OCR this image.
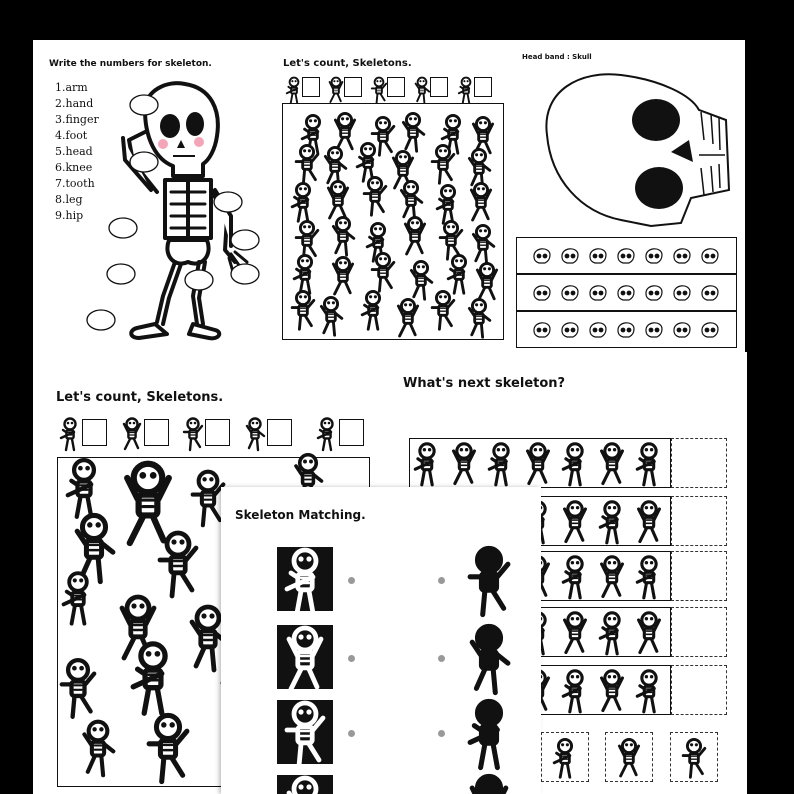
Write the numbers for skeleton.
1.arm
2.hand
3.finger
4.foot
5.head
6.knee
7.tooth
8.leg
9.hip
Let's count, Skeletons.
Head band : Skull
Let's count, Skeletons.
What's next skeleton?
Skeleton Matching.
